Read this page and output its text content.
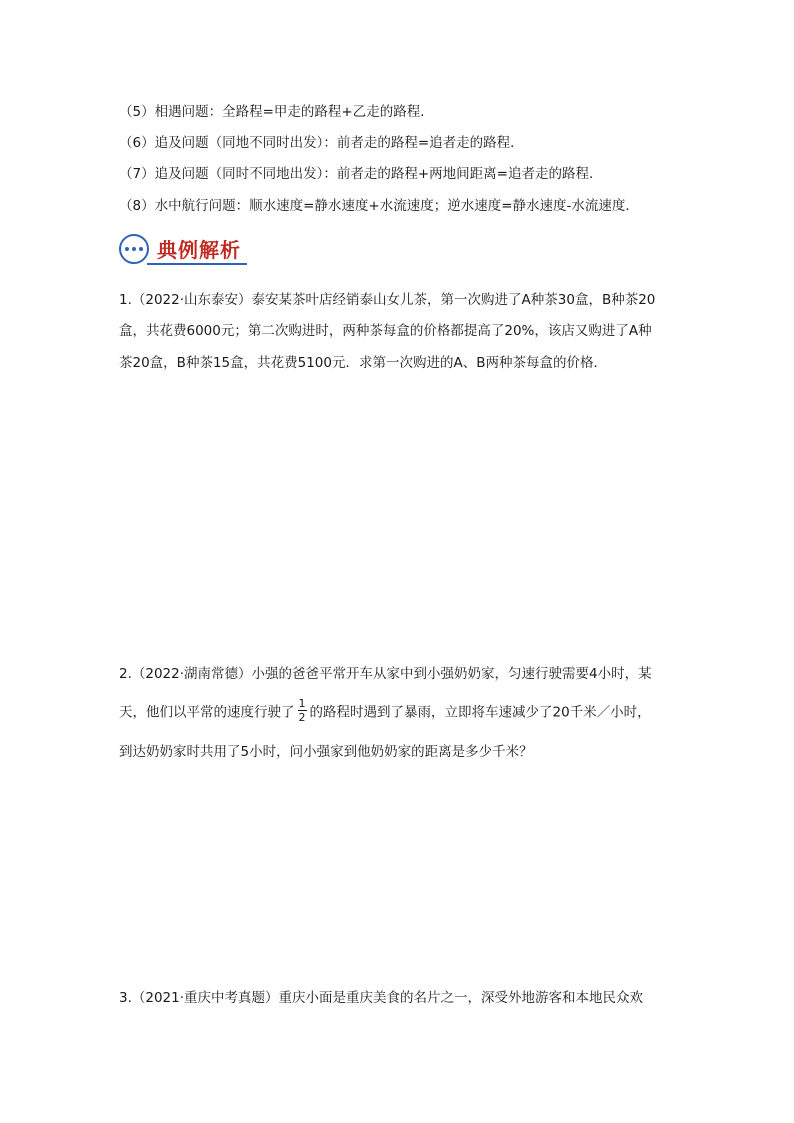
（5）相遇问题：全路程=甲走的路程+乙走的路程．
（6）追及问题（同地不同时出发）：前者走的路程=追者走的路程．
（7）追及问题（同时不同地出发）：前者走的路程+两地间距离=追者走的路程．
（8）水中航行问题：顺水速度=静水速度+水流速度；逆水速度=静水速度-水流速度．
典例解析
1.（2022·山东泰安）泰安某茶叶店经销泰山女儿茶，第一次购进了A种茶30盒，B种茶20
盒，共花费6000元；第二次购进时，两种茶每盒的价格都提高了20%，该店又购进了A种
茶20盒，B种茶15盒，共花费5100元．求第一次购进的A、B两种茶每盒的价格．
2.（2022·湖南常德）小强的爸爸平常开车从家中到小强奶奶家，匀速行驶需要4小时，某
天，他们以平常的速度行驶了 $\frac{1}{2}$ 的路程时遇到了暴雨，立即将车速减少了20千米／小时，
到达奶奶家时共用了5小时，问小强家到他奶奶家的距离是多少千米？
3.（2021·重庆中考真题）重庆小面是重庆美食的名片之一，深受外地游客和本地民众欢
